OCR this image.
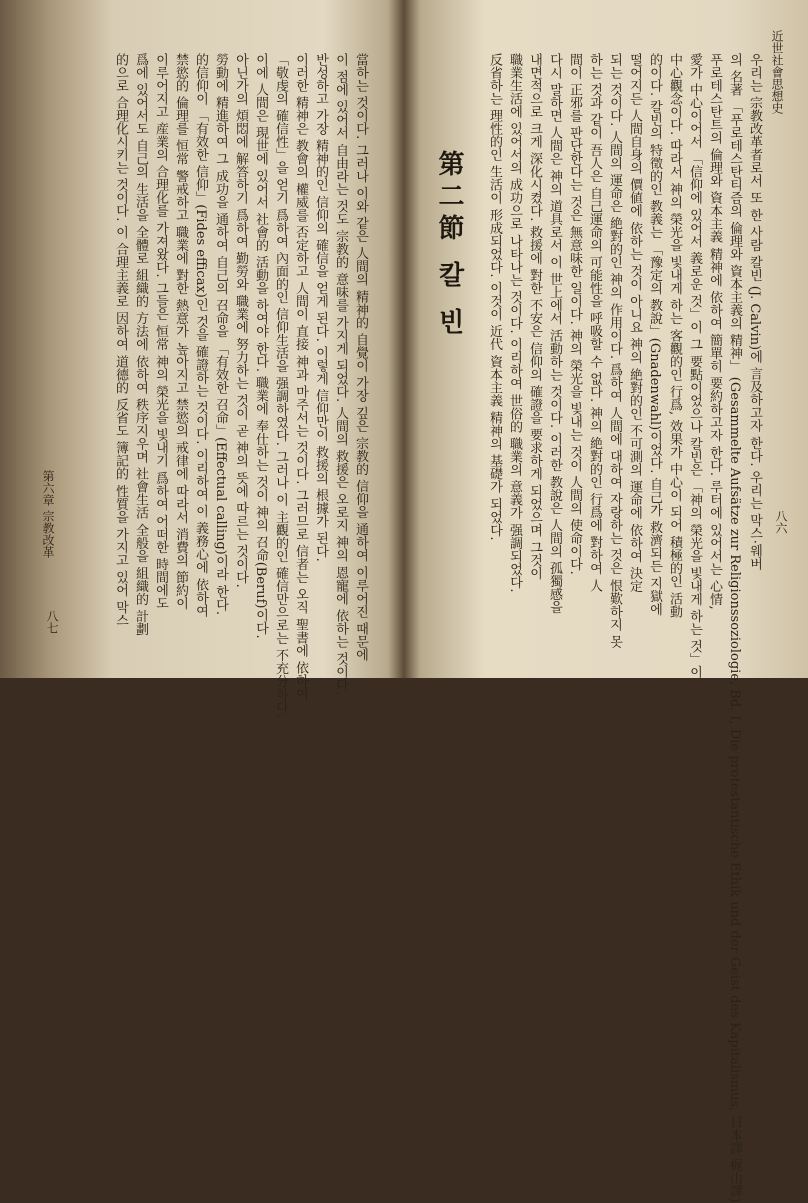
當하는 것이다. 그러나 이와 같은 人間의 精神的 自覺이 가장 깊은 宗教的 信仰을 通하여 이루어진 때문에

이 점에 있어서 自由라는 것도 宗教的 意味를 가지게 되었다. 人間의 救援은 오로지 神의 恩寵에 依하는 것이다.

반성하고 가장 精神的인 信仰의 確信을 얻게 된다. 이렇게 信仰만이 救援의 根據가 된다.

이러한 精神은 教會의 權威를 否定하고 人間이 直接 神과 마주서는 것이다. 그러므로 信者는 오직 聖書에 依하여

「敬虔의 確信性」을 얻기 爲하여 內面的인 信仰生活을 强調하였다. 그러나 이 主觀的인 確信만으로는 不充分하다.

이에 人間은 現世에 있어서 社會的 活動을 하여야 한다. 職業에 奉仕하는 것이 神의 召命(Beruf)이다.

아닌가의 煩悶에 解答하기 爲하여 勤勞와 職業에 努力하는 것이 곧 神의 뜻에 따르는 것이다.

勞動에 精進하여 그 成功을 通하여 自己의 召命을 「有效한 召命」(Effectual calling)이라 한다.

的信仰이 「有效한 信仰」(Fides efficax)인 것을 確證하는 것이다. 이리하여 이 義務心에 依하여

禁慾的 倫理를 恒常 警戒하고 職業에 對한 熱意가 높아지고 禁慾의 戒律에 따라서 消費의 節約이

이루어지고 産業의 合理化를 가져왔다. 그들은 恒常 神의 榮光을 빛내기 爲하여 어떠한 時間에도

爲에 있어서도 自己의 生活을 全體로 組織的 方法에 依하여 秩序지우며 社會生活 全般을 組織的 計劃

的으로 合理化시키는 것이다. 이 合理主義로 因하여 道德的 反省도 簿記的 性質을 가지고 있어 막스

第六章 宗教改革
八七
近世社會思想史
八六
第二節 칼 빈	우리는 宗教改革者로서 또 한 사람 칼빈 (J. Calvin)에 言及하고자 한다. 우리는 막스·웨버

의 名著 「푸로테스탄티즘의 倫理와 資本主義의 精神」 (Gesammelte Aufsätze zur Religionssoziologie, Bd. I, Die protestantische Ethik und der Geist des Kapitalismus, 日本譯 梶山譯)

푸로테스탄트의 倫理와 資本主義 精神에 依하여 簡單히 要約하고자 한다. 루터에 있어서는 心情,

愛가 中心이어서 「信仰에 있어서 義로운 것」이 그 要點이었으나 칼빈은 「神의 榮光을 빛내게 하는 것」이

中心觀念이다. 따라서 神의 榮光을 빛내게 하는 客觀的인 行爲, 效果가 中心이 되어 積極的인 活動

的이다. 칼빈의 特徵的인 教義는 「豫定의 教說」(Gnadenwahl)이었다. 自己가 救濟되든 지獄에

떨어지든 人間自身의 價値에 依하는 것이 아니요 神의 絶對的인 不可測의 運命에 依하여 決定

되는 것이다. 人間의 運命은 絶對的인 神의 作用이다. 爲하여 人間에 대하여 자랑하는 것은 恨歎하지 못

하는 것과 같이 吾人은 自己運命의 可能性을 呼吸할 수 없다. 神의 絶對的인 行爲에 對하여 人

間이 正邪를 판단한다는 것은 無意味한 일이다. 神의 榮光을 빛내는 것이 人間의 使命이다.

다시 말하면 人間은 神의 道具로서 이 世上에서 活動하는 것이다. 이러한 教說은 人間의 孤獨感을

내면적으로 크게 深化시켰다. 救援에 對한 不安은 信仰의 確證을 要求하게 되었으며 그것이

職業生活에 있어서의 成功으로 나타나는 것이다. 이리하여 世俗的 職業의 意義가 强調되었다.

反省하는 理性的인 生活이 形成되었다. 이것이 近代 資本主義 精神의 基礎가 되었다.
